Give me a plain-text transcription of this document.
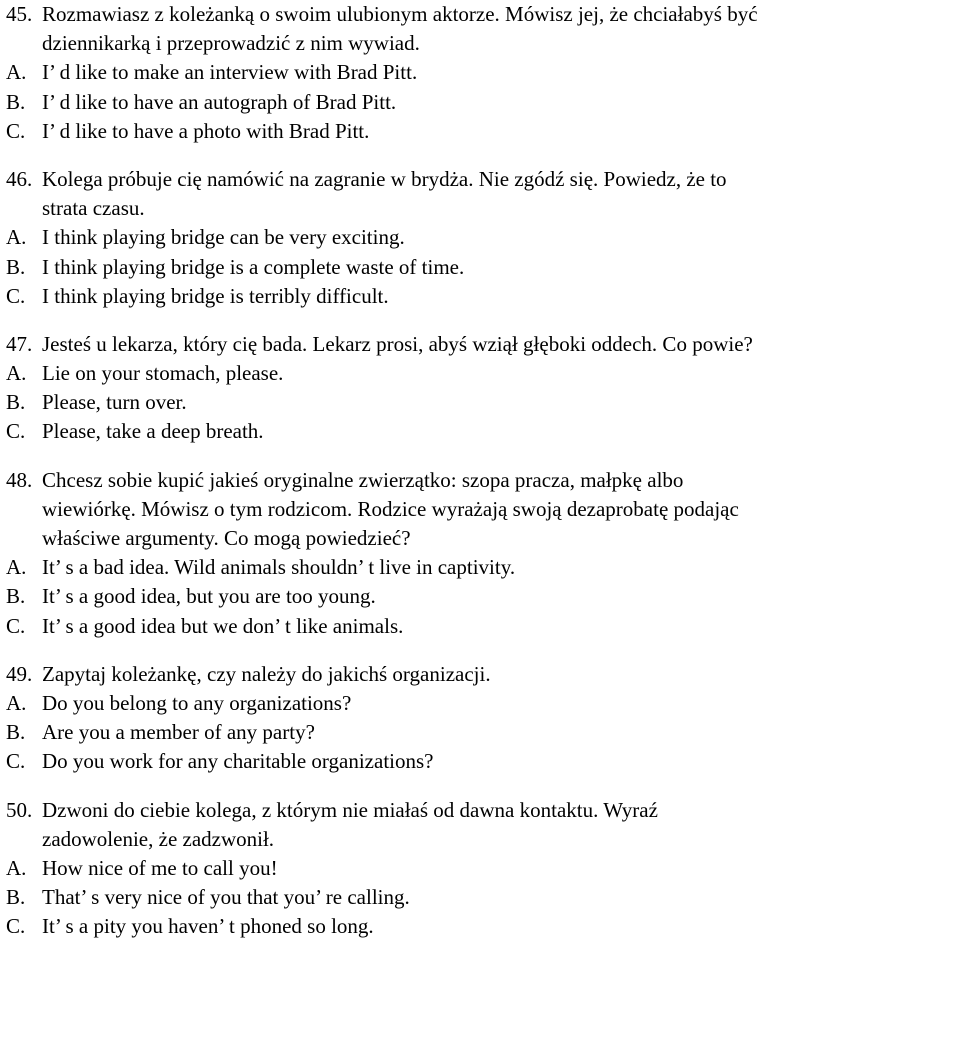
45. Rozmawiasz z koleżanką o swoim ulubionym aktorze. Mówisz jej, że chciałabyś być
dziennikarką i przeprowadzić z nim wywiad.
A. I’ d like to make an interview with Brad Pitt.
B. I’ d like to have an autograph of Brad Pitt.
C. I’ d like to have a photo with Brad Pitt.
46. Kolega próbuje cię namówić na zagranie w brydża. Nie zgódź się. Powiedz, że to
strata czasu.
A. I think playing bridge can be very exciting.
B. I think playing bridge is a complete waste of time.
C. I think playing bridge is terribly difficult.
47. Jesteś u lekarza, który cię bada. Lekarz prosi, abyś wziął głęboki oddech. Co powie?
A. Lie on your stomach, please.
B. Please, turn over.
C. Please, take a deep breath.
48. Chcesz sobie kupić jakieś oryginalne zwierzątko: szopa pracza, małpkę albo
wiewiórkę. Mówisz o tym rodzicom. Rodzice wyrażają swoją dezaprobatę podając
właściwe argumenty. Co mogą powiedzieć?
A. It’ s a bad idea. Wild animals shouldn’ t live in captivity.
B. It’ s a good idea, but you are too young.
C. It’ s a good idea but we don’ t like animals.
49. Zapytaj koleżankę, czy należy do jakichś organizacji.
A. Do you belong to any organizations?
B. Are you a member of any party?
C. Do you work for any charitable organizations?
50. Dzwoni do ciebie kolega, z którym nie miałaś od dawna kontaktu. Wyraź
zadowolenie, że zadzwonił.
A. How nice of me to call you!
B. That’ s very nice of you that you’ re calling.
C. It’ s a pity you haven’ t phoned so long.
